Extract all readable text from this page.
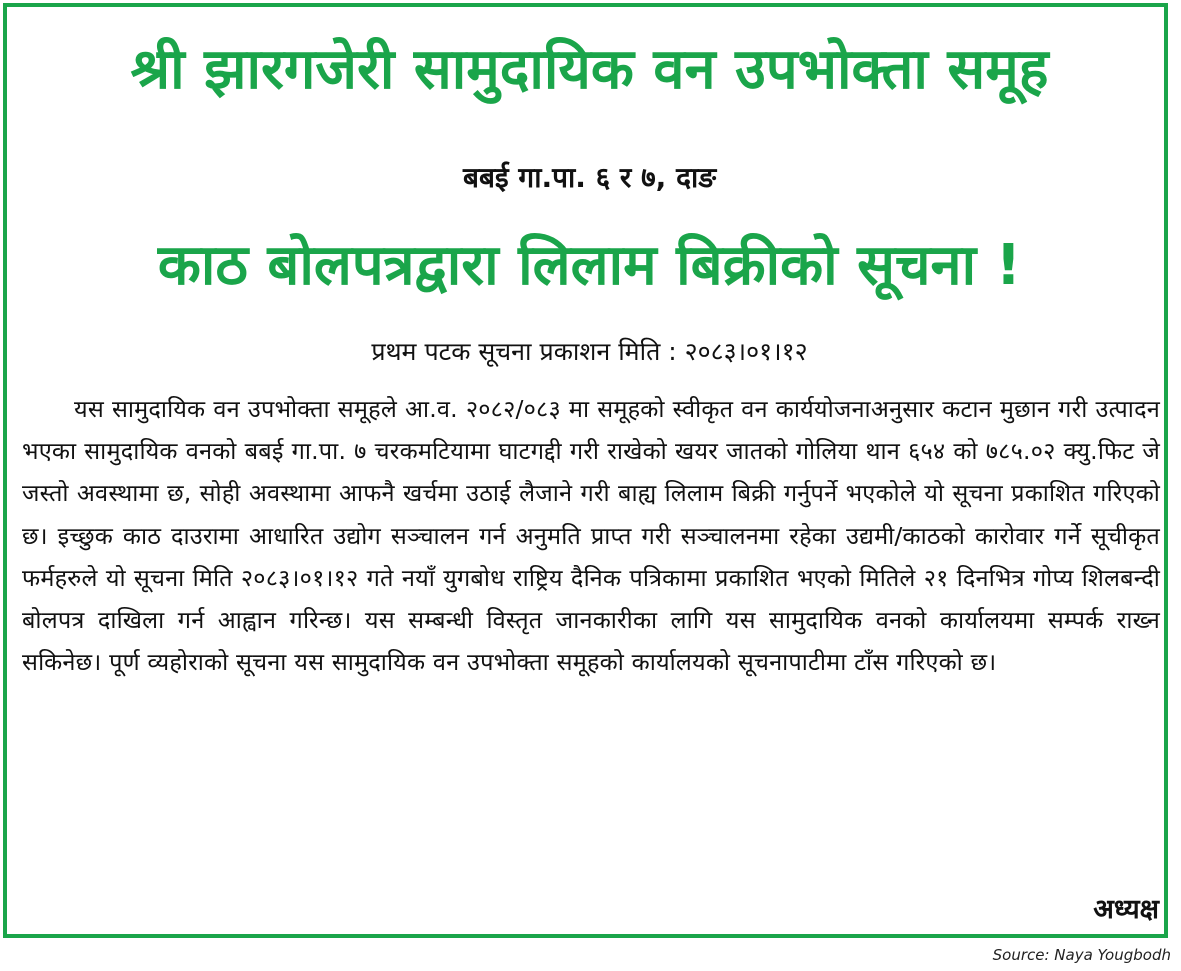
श्री झारगजेरी सामुदायिक वन उपभोक्ता समूह
बबई गा.पा. ६ र ७, दाङ
काठ बोलपत्रद्वारा लिलाम बिक्रीको सूचना !
प्रथम पटक सूचना प्रकाशन मिति : २०८३।०१।१२

यस सामुदायिक वन उपभोक्ता समूहले आ.व. २०८२/०८३ मा समूहको स्वीकृत वन कार्ययोजनाअनुसार कटान मुछान गरी उत्पादन भएका सामुदायिक वनको बबई गा.पा. ७ चरकमटियामा घाटगद्दी गरी राखेको खयर जातको गोलिया थान ६५४ को ७८५.०२ क्यु.फिट जे जस्तो अवस्थामा छ, सोही अवस्थामा आफनै खर्चमा उठाई लैजाने गरी बाह्य लिलाम बिक्री गर्नुपर्ने भएकोले यो सूचना प्रकाशित गरिएको छ। इच्छुक काठ दाउरामा आधारित उद्योग सञ्चालन गर्न अनुमति प्राप्त गरी सञ्चालनमा रहेका उद्यमी/काठको कारोवार गर्ने सूचीकृत फर्महरुले यो सूचना मिति २०८३।०१।१२ गते नयाँ युगबोध राष्ट्रिय दैनिक पत्रिकामा प्रकाशित भएको मितिले २१ दिनभित्र गोप्य शिलबन्दी बोलपत्र दाखिला गर्न आह्वान गरिन्छ। यस सम्बन्धी विस्तृत जानकारीका लागि यस सामुदायिक वनको कार्यालयमा सम्पर्क राख्न सकिनेछ। पूर्ण व्यहोराको सूचना यस सामुदायिक वन उपभोक्ता समूहको कार्यालयको सूचनापाटीमा टाँस गरिएको छ।

अध्यक्ष
Source: Naya Yougbodh
